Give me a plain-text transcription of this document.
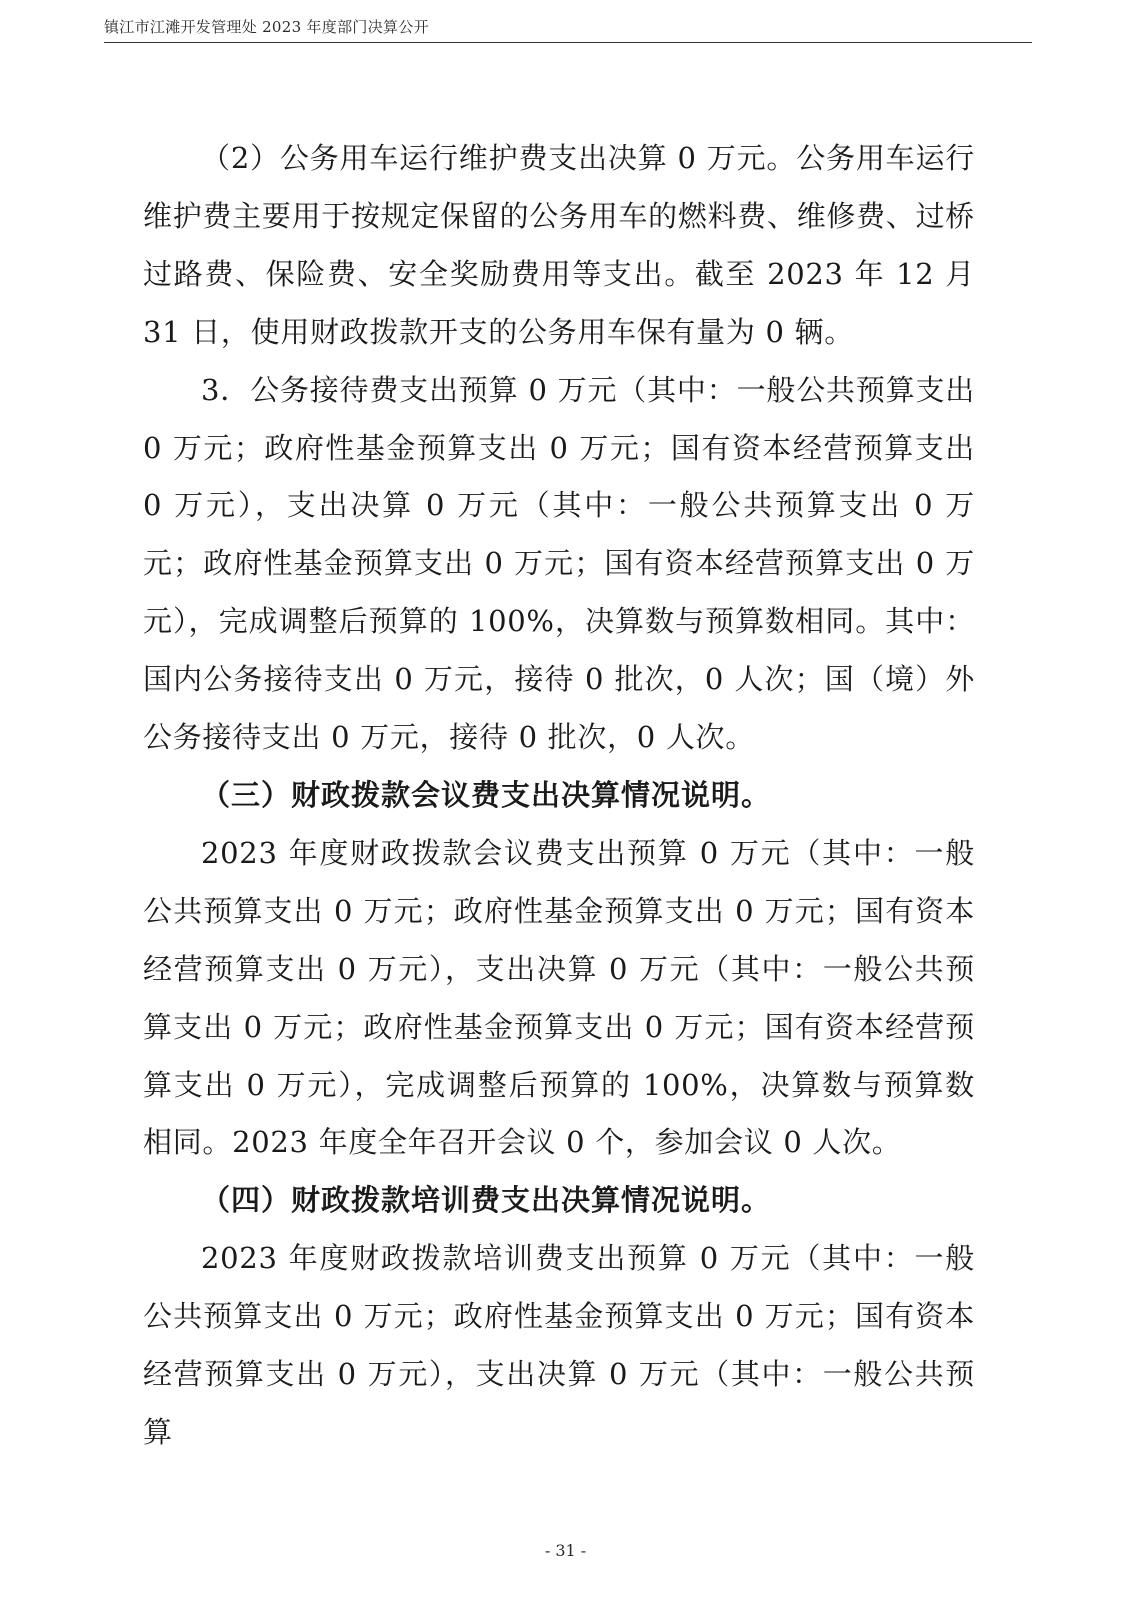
镇江市江滩开发管理处 2023 年度部门决算公开

（2）公务用车运行维护费支出决算 0 万元。公务用车运行维护费主要用于按规定保留的公务用车的燃料费、维修费、过桥过路费、保险费、安全奖励费用等支出。截至 2023 年 12 月 31 日，使用财政拨款开支的公务用车保有量为 0 辆。

3．公务接待费支出预算 0 万元（其中：一般公共预算支出 0 万元；政府性基金预算支出 0 万元；国有资本经营预算支出 0 万元），支出决算 0 万元（其中：一般公共预算支出 0 万元；政府性基金预算支出 0 万元；国有资本经营预算支出 0 万元），完成调整后预算的 100%，决算数与预算数相同。其中：国内公务接待支出 0 万元，接待 0 批次，0 人次；国（境）外公务接待支出 0 万元，接待 0 批次，0 人次。

（三）财政拨款会议费支出决算情况说明。

2023 年度财政拨款会议费支出预算 0 万元（其中：一般公共预算支出 0 万元；政府性基金预算支出 0 万元；国有资本经营预算支出 0 万元），支出决算 0 万元（其中：一般公共预算支出 0 万元；政府性基金预算支出 0 万元；国有资本经营预算支出 0 万元），完成调整后预算的 100%，决算数与预算数相同。2023 年度全年召开会议 0 个，参加会议 0 人次。

（四）财政拨款培训费支出决算情况说明。

2023 年度财政拨款培训费支出预算 0 万元（其中：一般公共预算支出 0 万元；政府性基金预算支出 0 万元；国有资本经营预算支出 0 万元），支出决算 0 万元（其中：一般公共预算

- 31 -
